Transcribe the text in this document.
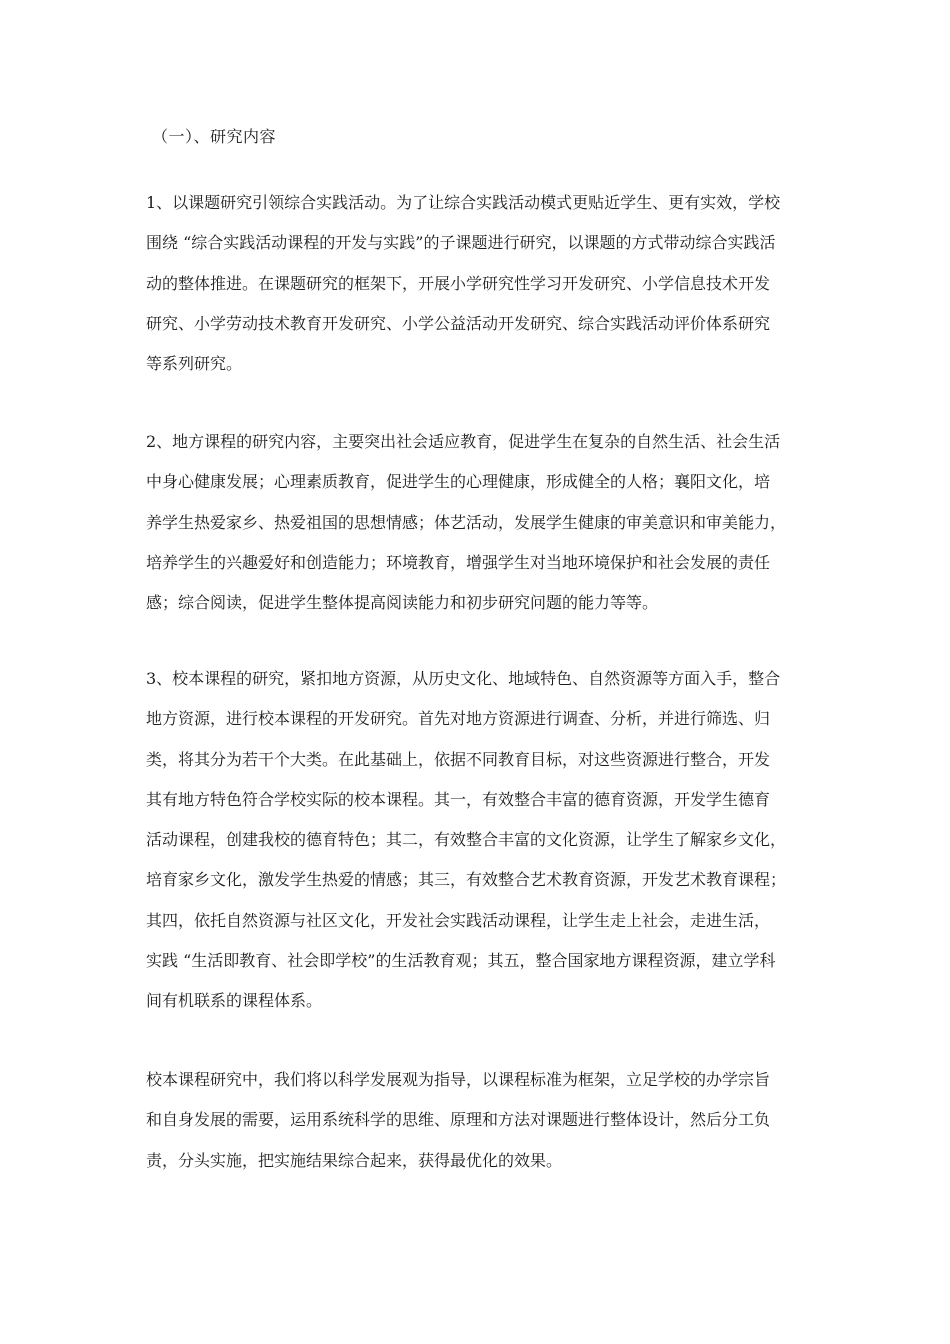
（一）、研究内容
1、以课题研究引领综合实践活动。为了让综合实践活动模式更贴近学生、更有实效，学校
围绕 “综合实践活动课程的开发与实践”的子课题进行研究，以课题的方式带动综合实践活
动的整体推进。在课题研究的框架下，开展小学研究性学习开发研究、小学信息技术开发
研究、小学劳动技术教育开发研究、小学公益活动开发研究、综合实践活动评价体系研究
等系列研究。
2、地方课程的研究内容，主要突出社会适应教育，促进学生在复杂的自然生活、社会生活
中身心健康发展；心理素质教育，促进学生的心理健康，形成健全的人格；襄阳文化，培
养学生热爱家乡、热爱祖国的思想情感；体艺活动，发展学生健康的审美意识和审美能力，
培养学生的兴趣爱好和创造能力；环境教育，增强学生对当地环境保护和社会发展的责任
感；综合阅读，促进学生整体提高阅读能力和初步研究问题的能力等等。
3、校本课程的研究，紧扣地方资源，从历史文化、地域特色、自然资源等方面入手，整合
地方资源，进行校本课程的开发研究。首先对地方资源进行调查、分析，并进行筛选、归
类，将其分为若干个大类。在此基础上，依据不同教育目标，对这些资源进行整合，开发
其有地方特色符合学校实际的校本课程。其一，有效整合丰富的德育资源，开发学生德育
活动课程，创建我校的德育特色；其二，有效整合丰富的文化资源，让学生了解家乡文化，
培育家乡文化，激发学生热爱的情感；其三，有效整合艺术教育资源，开发艺术教育课程；
其四，依托自然资源与社区文化，开发社会实践活动课程，让学生走上社会，走进生活，
实践 “生活即教育、社会即学校”的生活教育观；其五，整合国家地方课程资源，建立学科
间有机联系的课程体系。
校本课程研究中，我们将以科学发展观为指导，以课程标准为框架，立足学校的办学宗旨
和自身发展的需要，运用系统科学的思维、原理和方法对课题进行整体设计，然后分工负
责，分头实施，把实施结果综合起来，获得最优化的效果。
